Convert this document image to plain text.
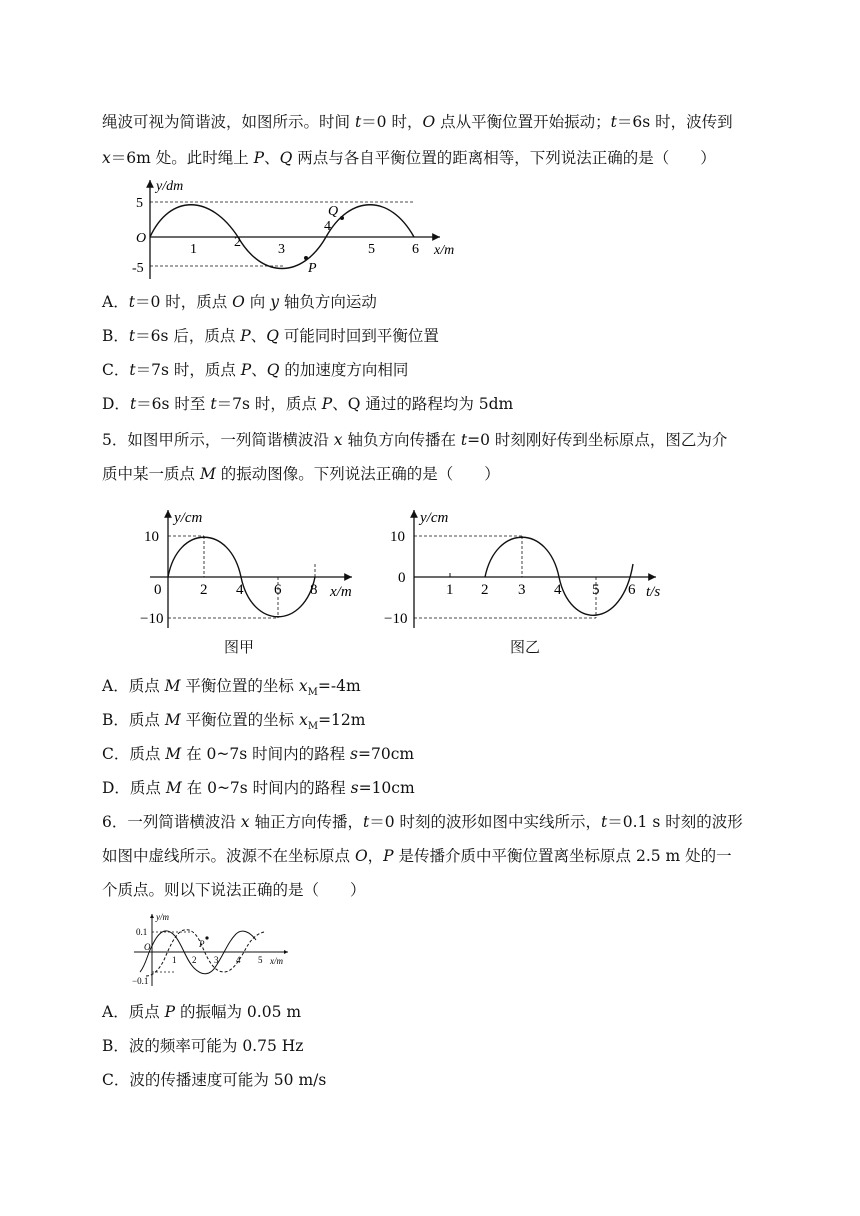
绳波可视为简谐波，如图所示。时间 t＝0 时，O 点从平衡位置开始振动；t＝6s 时，波传到
x＝6m 处。此时绳上 P、Q 两点与各自平衡位置的距离相等，下列说法正确的是（　　）
y/dm
x/m
O
5
-5
1	2	3
4
5	6
Q
P
A．t＝0 时，质点 O 向 y 轴负方向运动
B．t＝6s 后，质点 P、Q 可能同时回到平衡位置
C．t＝7s 时，质点 P、Q 的加速度方向相同
D．t＝6s 时至 t＝7s 时，质点 P、Q 通过的路程均为 5dm
5．如图甲所示，一列简谐横波沿 x 轴负方向传播在 t=0 时刻刚好传到坐标原点，图乙为介
质中某一质点 M 的振动图像。下列说法正确的是（　　）
y/cm
x/m
10
−10
0	2 4 6 8
图甲
y/cm
t/s
10
0
−10
1 2 3 4 5 6
图乙
A．质点 M 平衡位置的坐标 $x_M=-4m$
B．质点 M 平衡位置的坐标 $x_M=12m$
C．质点 M 在 0~7s 时间内的路程 s=70cm
D．质点 M 在 0~7s 时间内的路程 s=10cm
6．一列简谐横波沿 x 轴正方向传播，t＝0 时刻的波形如图中实线所示，t＝0.1 s 时刻的波形
如图中虚线所示。波源不在坐标原点 O，P 是传播介质中平衡位置离坐标原点 2.5 m 处的一
个质点。则以下说法正确的是（　　）
y/m
x/m
O
0.1
−0.1
1 2 3 4 5
P
A．质点 P 的振幅为 0.05 m
B．波的频率可能为 0.75 Hz
C．波的传播速度可能为 50 m/s
